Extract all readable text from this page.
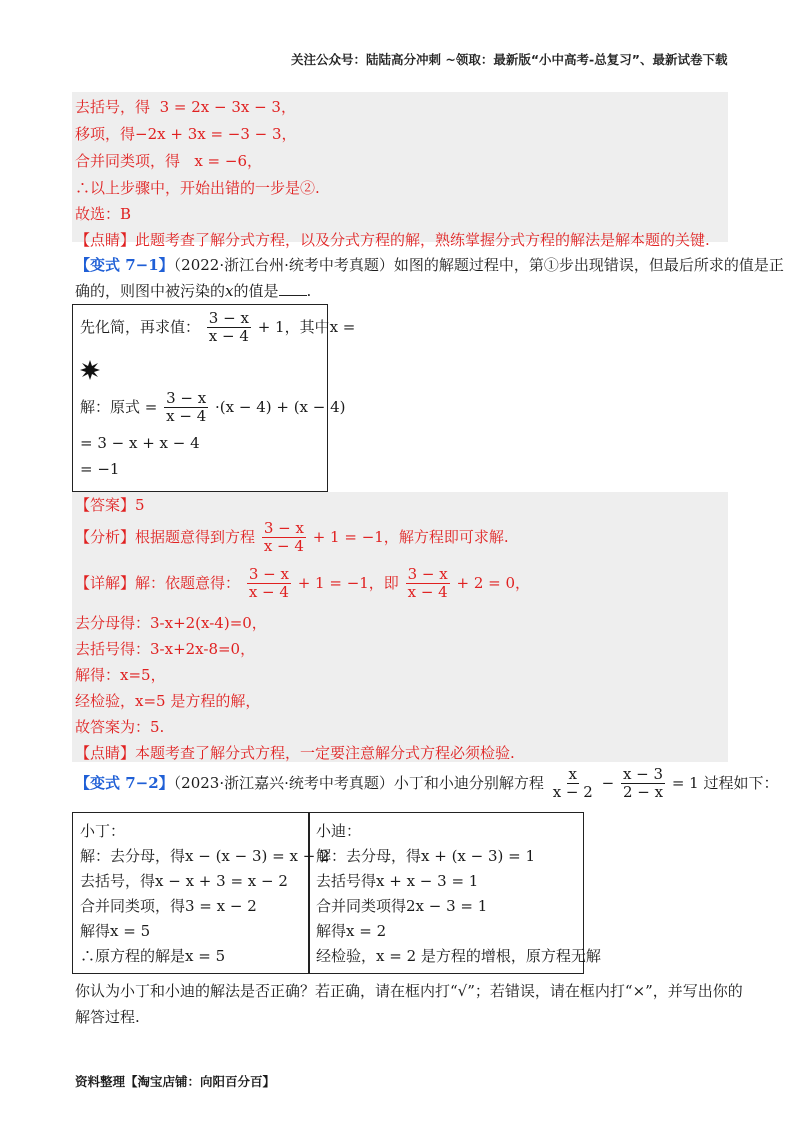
关注公众号：陆陆高分冲刺 ~领取：最新版“小中高考-总复习”、最新试卷下载
去括号，得 3 = 2x − 3x − 3，
移项，得−2x + 3x = −3 − 3，
合并同类项，得 x = −6，
∴以上步骤中，开始出错的一步是②.
故选：B
【点睛】此题考查了解分式方程，以及分式方程的解，熟练掌握分式方程的解法是解本题的关键.
【变式 7−1】（2022·浙江台州·统考中考真题）如图的解题过程中，第①步出现错误，但最后所求的值是正
确的，则图中被污染的x的值是 .
先化简，再求值： $\frac{3 - x}{x - 4} + 1$，其中x =
解：原式 = $\frac{3 - x}{x - 4} \cdot(x - 4) + (x - 4)$
= 3 − x + x − 4
= −1
【答案】5
【分析】根据题意得到方程 $\frac{3 - x}{x - 4} + 1 = -1$，解方程即可求解.
【详解】解：依题意得： $\frac{3 - x}{x - 4} + 1 = -1$，即 $\frac{3 - x}{x - 4} + 2 = 0$，
去分母得：3-x+2(x-4)=0，
去括号得：3-x+2x-8=0，
解得：x=5，
经检验，x=5 是方程的解，
故答案为：5.
【点睛】本题考查了解分式方程，一定要注意解分式方程必须检验.
【变式 7−2】（2023·浙江嘉兴·统考中考真题）小丁和小迪分别解方程 $\frac{x}{x - 2} - \frac{x - 3}{2 - x} = 1$ 过程如下：
小丁：
解：去分母，得x − (x − 3) = x − 2
去括号，得x − x + 3 = x − 2
合并同类项，得3 = x − 2
解得x = 5
∴原方程的解是x = 5
小迪：
解：去分母，得x + (x − 3) = 1
去括号得x + x − 3 = 1
合并同类项得2x − 3 = 1
解得x = 2
经检验，x = 2 是方程的增根，原方程无解
你认为小丁和小迪的解法是否正确？若正确，请在框内打“√”；若错误，请在框内打“×”，并写出你的
解答过程.
资料整理【淘宝店铺：向阳百分百】
